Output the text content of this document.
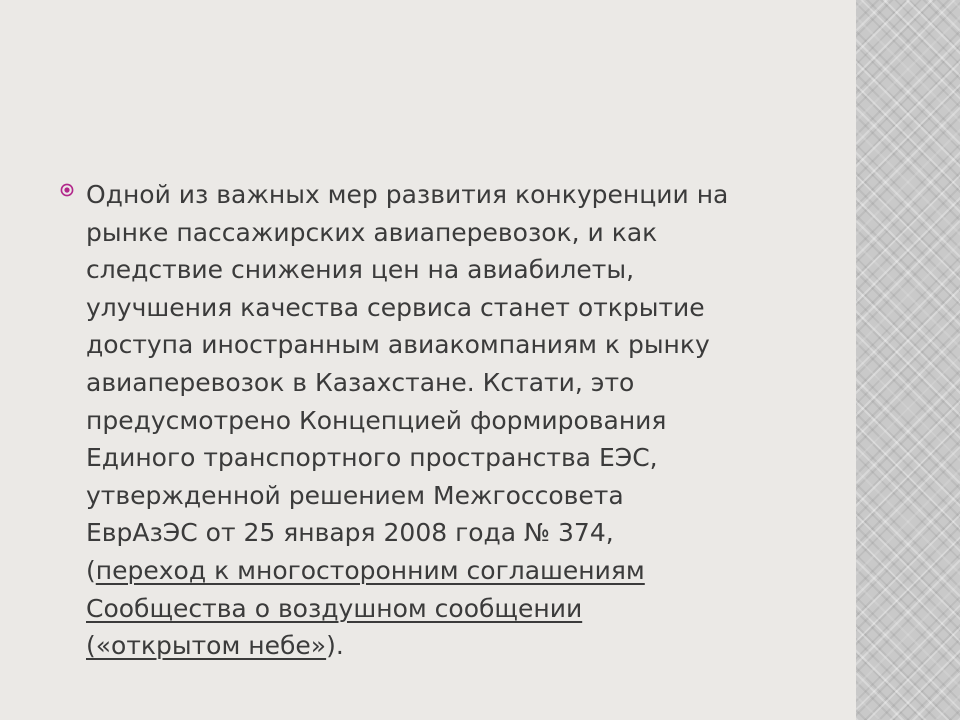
Одной из важных мер развития конкуренции на
рынке пассажирских авиаперевозок, и как
следствие снижения цен на авиабилеты,
улучшения качества сервиса станет открытие
доступа иностранным авиакомпаниям к рынку
авиаперевозок в Казахстане. Кстати, это
предусмотрено Концепцией формирования
Единого транспортного пространства ЕЭС,
утвержденной решением Межгоссовета
ЕврАзЭС от 25 января 2008 года № 374,
(переход к многосторонним соглашениям
Сообщества о воздушном сообщении
(«открытом небе»).
